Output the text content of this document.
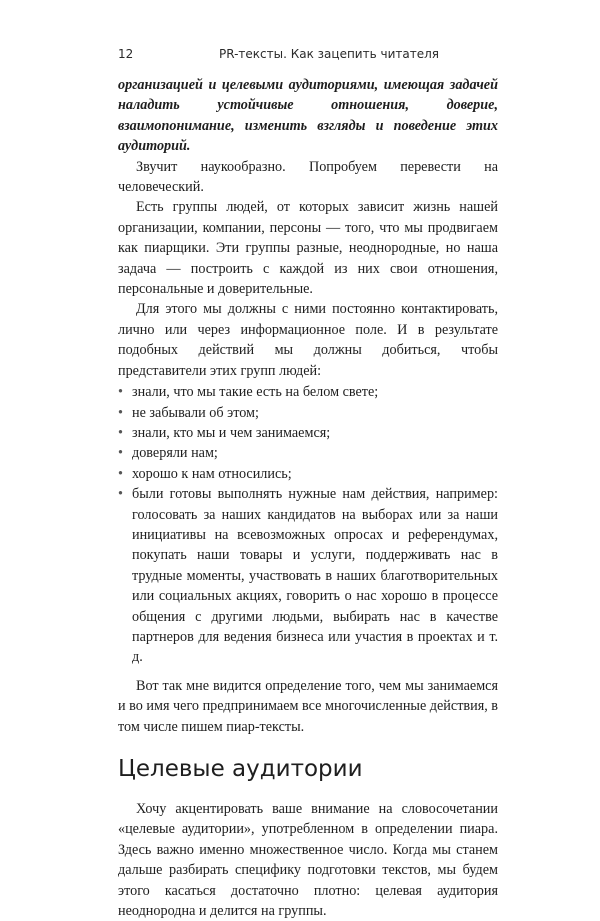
12	PR-тексты. Как зацепить читателя

организацией и целевыми аудиториями, имеющая задачей наладить устойчивые отношения, доверие, взаимопонимание, изменить взгляды и поведение этих аудиторий.

Звучит наукообразно. Попробуем перевести на человеческий.

Есть группы людей, от которых зависит жизнь нашей организации, компании, персоны — того, что мы продвигаем как пиарщики. Эти группы разные, неоднородные, но наша задача — построить с каждой из них свои отношения, персональные и доверительные.

Для этого мы должны с ними постоянно контактировать, лично или через информационное поле. И в результате подобных действий мы должны добиться, чтобы представители этих групп людей:

• знали, что мы такие есть на белом свете;
• не забывали об этом;
• знали, кто мы и чем занимаемся;
• доверяли нам;
• хорошо к нам относились;
• были готовы выполнять нужные нам действия, например: голосовать за наших кандидатов на выборах или за наши инициативы на всевозможных опросах и референдумах, покупать наши товары и услуги, поддерживать нас в трудные моменты, участвовать в наших благотворительных или социальных акциях, говорить о нас хорошо в процессе общения с другими людьми, выбирать нас в качестве партнеров для ведения бизнеса или участия в проектах и т. д.

Вот так мне видится определение того, чем мы занимаемся и во имя чего предпринимаем все многочисленные действия, в том числе пишем пиар-тексты.

Целевые аудитории

Хочу акцентировать ваше внимание на словосочетании «целевые аудитории», употребленном в определении пиара. Здесь важно именно множественное число. Когда мы станем дальше разбирать специфику подготовки текстов, мы будем этого касаться достаточно плотно: целевая аудитория неоднородна и делится на группы.
